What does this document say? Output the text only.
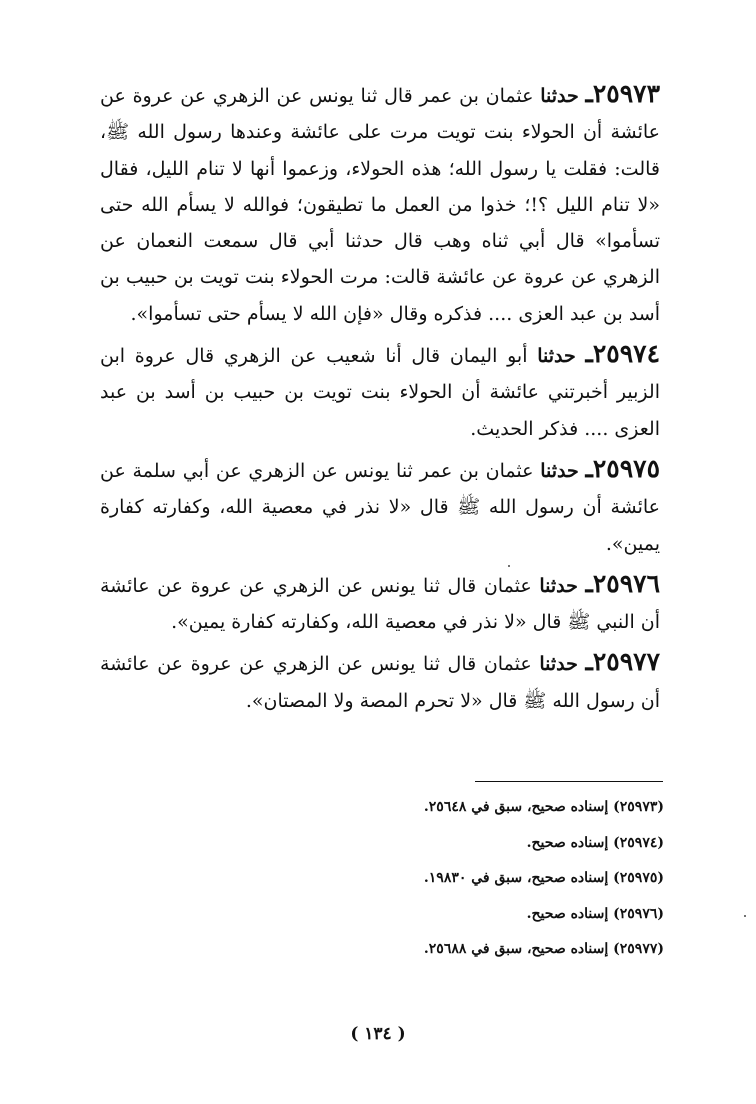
٢٥٩٧٣ـ حدثنا عثمان بن عمر قال ثنا يونس عن الزهري عن عروة عن عائشة أن الحولاء بنت تويت مرت على عائشة وعندها رسول الله ﷺ، قالت: فقلت يا رسول الله؛ هذه الحولاء، وزعموا أنها لا تنام الليل، فقال «لا تنام الليل ؟!؛ خذوا من العمل ما تطيقون؛ فوالله لا يسأم الله حتى تسأموا» قال أبي ثناه وهب قال حدثنا أبي قال سمعت النعمان عن الزهري عن عروة عن عائشة قالت: مرت الحولاء بنت تويت بن حبيب بن أسد بن عبد العزى .... فذكره وقال «فإن الله لا يسأم حتى تسأموا».

٢٥٩٧٤ـ حدثنا أبو اليمان قال أنا شعيب عن الزهري قال عروة ابن الزبير أخبرتني عائشة أن الحولاء بنت تويت بن حبيب بن أسد بن عبد العزى .... فذكر الحديث.

٢٥٩٧٥ـ حدثنا عثمان بن عمر ثنا يونس عن الزهري عن أبي سلمة عن عائشة أن رسول الله ﷺ قال «لا نذر في معصية الله، وكفارته كفارة يمين».

٢٥٩٧٦ـ حدثنا عثمان قال ثنا يونس عن الزهري عن عروة عن عائشة أن النبي ﷺ قال «لا نذر في معصية الله، وكفارته كفارة يمين».

٢٥٩٧٧ـ حدثنا عثمان قال ثنا يونس عن الزهري عن عروة عن عائشة أن رسول الله ﷺ قال «لا تحرم المصة ولا المصتان».

(٢٥٩٧٣) إسناده صحيح، سبق في ٢٥٦٤٨.
(٢٥٩٧٤) إسناده صحيح.
(٢٥٩٧٥) إسناده صحيح، سبق في ١٩٨٣٠.
(٢٥٩٧٦) إسناده صحيح.
(٢٥٩٧٧) إسناده صحيح، سبق في ٢٥٦٨٨.
( ١٣٤ )
